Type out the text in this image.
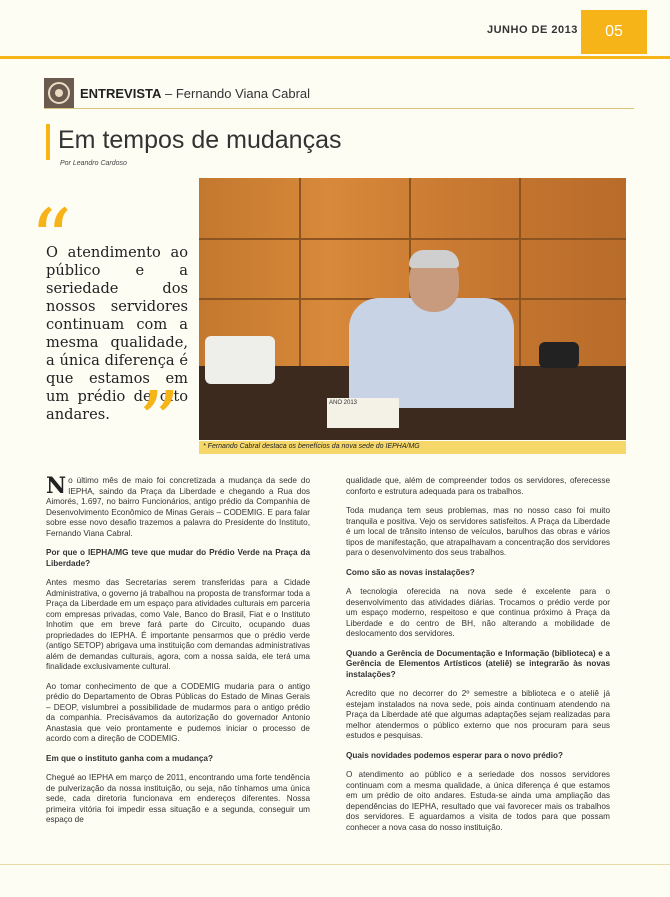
JUNHO DE 2013	05
ENTREVISTA – Fernando Viana Cabral
Em tempos de mudanças
Por Leandro Cardoso
ANO 2013
* Fernando Cabral destaca os benefícios da nova sede do IEPHA/MG
“
O atendimento ao público e a seriedade dos nossos servidores continuam com a mesma qualidade, a única diferença é que estamos em um prédio de oito andares. ”

No último mês de maio foi concretizada a mudança da sede do IEPHA, saindo da Praça da Liberdade e chegando a Rua dos Aimorés, 1.697, no bairro Funcionários, antigo prédio da Companhia de Desenvolvimento Econômico de Minas Gerais – CODEMIG. E para falar sobre esse novo desafio trazemos a palavra do Presidente do Instituto, Fernando Viana Cabral.

Por que o IEPHA/MG teve que mudar do Prédio Verde na Praça da Liberdade?

Antes mesmo das Secretarias serem transferidas para a Cidade Administrativa, o governo já trabalhou na proposta de transformar toda a Praça da Liberdade em um espaço para atividades culturais em parceria com empresas privadas, como Vale, Banco do Brasil, Fiat e o Instituto Inhotim que em breve fará parte do Circuito, ocupando duas propriedades do IEPHA. É importante pensarmos que o prédio verde (antigo SETOP) abrigava uma instituição com demandas administrativas além de demandas culturais, agora, com a nossa saída, ele terá uma finalidade exclusivamente cultural.

Ao tomar conhecimento de que a CODEMIG mudaria para o antigo prédio do Departamento de Obras Públicas do Estado de Minas Gerais – DEOP, vislumbrei a possibilidade de mudarmos para o antigo prédio da companhia. Precisávamos da autorização do governador Antonio Anastasia que veio prontamente e pudemos iniciar o processo de acordo com a direção de CODEMIG.

Em que o instituto ganha com a mudança?

Chegué ao IEPHA em março de 2011, encontrando uma forte tendência de pulverização da nossa instituição, ou seja, não tínhamos uma única sede, cada diretoria funcionava em endereços diferentes. Nossa primeira vitória foi impedir essa situação e a segunda, conseguir um espaço de

qualidade que, além de compreender todos os servidores, oferecesse conforto e estrutura adequada para os trabalhos.

Toda mudança tem seus problemas, mas no nosso caso foi muito tranquila e positiva. Vejo os servidores satisfeitos. A Praça da Liberdade é um local de trânsito intenso de veículos, barulhos das obras e vários tipos de manifestação, que atrapalhavam a concentração dos servidores para o desenvolvimento dos seus trabalhos.

Como são as novas instalações?

A tecnologia oferecida na nova sede é excelente para o desenvolvimento das atividades diárias. Trocamos o prédio verde por um espaço moderno, respeitoso e que continua próximo à Praça da Liberdade e do centro de BH, não alterando a mobilidade de deslocamento dos servidores.

Quando a Gerência de Documentação e Informação (biblioteca) e a Gerência de Elementos Artísticos (ateliê) se integrarão às novas instalações?

Acredito que no decorrer do 2º semestre a biblioteca e o ateliê já estejam instalados na nova sede, pois ainda continuam atendendo na Praça da Liberdade até que algumas adaptações sejam realizadas para melhor atendermos o público externo que nos procuram para seus estudos e pesquisas.

Quais novidades podemos esperar para o novo prédio?

O atendimento ao público e a seriedade dos nossos servidores continuam com a mesma qualidade, a única diferença é que estamos em um prédio de oito andares. Estuda-se ainda uma ampliação das dependências do IEPHA, resultado que vai favorecer mais os trabalhos dos servidores. E aguardamos a visita de todos para que possam conhecer a nova casa do nosso instituição.
